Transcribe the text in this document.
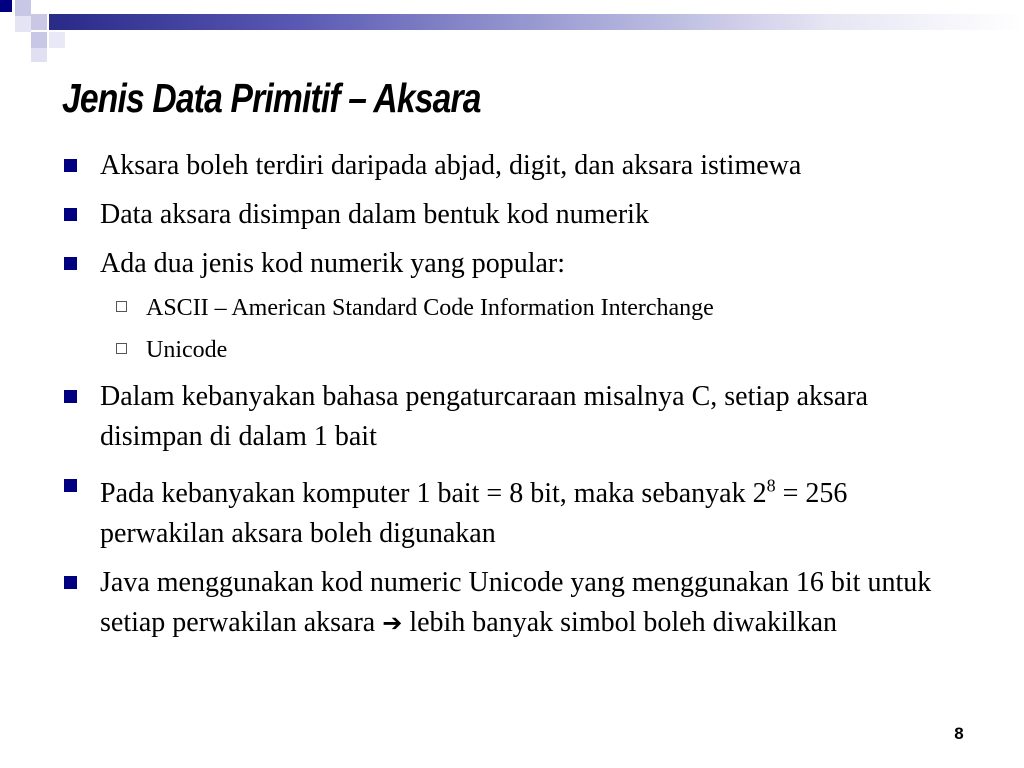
Jenis Data Primitif – Aksara
Aksara boleh terdiri daripada abjad, digit, dan aksara istimewa
Data aksara disimpan dalam bentuk kod numerik
Ada dua jenis kod numerik yang popular:
ASCII – American Standard Code Information Interchange
Unicode
Dalam kebanyakan bahasa pengaturcaraan misalnya C, setiap aksara disimpan di dalam 1 bait
Pada kebanyakan komputer 1 bait = 8 bit, maka sebanyak $2^8 = 256$ perwakilan aksara boleh digunakan
Java menggunakan kod numeric Unicode yang menggunakan 16 bit untuk setiap perwakilan aksara ➔ lebih banyak simbol boleh diwakilkan
8
